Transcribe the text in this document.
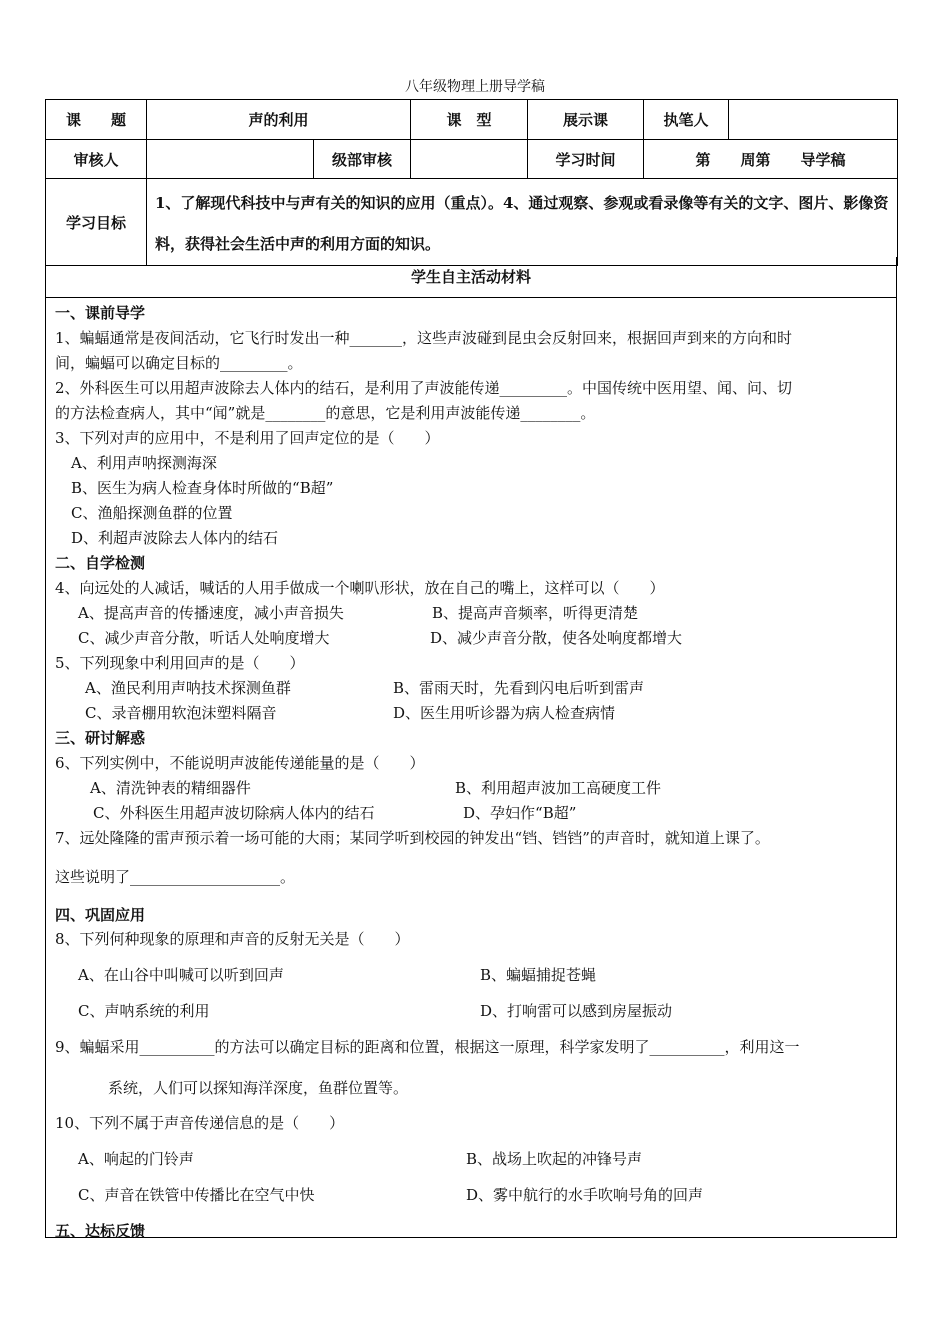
八年级物理上册导学稿
课　　题	声的利用		课　型	展示课	执笔人	
审核人		级部审核		学习时间	第　　周第　　导学稿	
学习目标	1、了解现代科技中与声有关的知识的应用（重点）。4、通过观察、参观或看录像等有关的文字、图片、影像资料，获得社会生活中声的利用方面的知识。					
学生自主活动材料
一、课前导学
1、蝙蝠通常是夜间活动，它飞行时发出一种_______，这些声波碰到昆虫会反射回来，根据回声到来的方向和时
间，蝙蝠可以确定目标的_________。
2、外科医生可以用超声波除去人体内的结石，是利用了声波能传递_________。中国传统中医用望、闻、问、切
的方法检查病人，其中“闻”就是________的意思，它是利用声波能传递________。
3、下列对声的应用中，不是利用了回声定位的是（　　）
A、利用声呐探测海深
B、医生为病人检查身体时所做的“B超”
C、渔船探测鱼群的位置
D、利超声波除去人体内的结石
二、自学检测
4、向远处的人减话，喊话的人用手做成一个喇叭形状，放在自己的嘴上，这样可以（　　）
A、提高声音的传播速度，减小声音损失	B、提高声音频率，听得更清楚
C、减少声音分散，听话人处响度增大	D、减少声音分散，使各处响度都增大
5、下列现象中利用回声的是（　　）
A、渔民利用声呐技术探测鱼群	B、雷雨天时，先看到闪电后听到雷声
C、录音棚用软泡沫塑料隔音	D、医生用听诊器为病人检查病情
三、研讨解惑
6、下列实例中，不能说明声波能传递能量的是（　　）
A、清洗钟表的精细器件	B、利用超声波加工高硬度工件
C、外科医生用超声波切除病人体内的结石	D、孕妇作“B超”
7、远处隆隆的雷声预示着一场可能的大雨；某同学听到校园的钟发出“铛、铛铛”的声音时，就知道上课了。
这些说明了____________________。
四、巩固应用
8、下列何种现象的原理和声音的反射无关是（　　）
A、在山谷中叫喊可以听到回声	B、蝙蝠捕捉苍蝇
C、声呐系统的利用	D、打响雷可以感到房屋振动
9、蝙蝠采用__________的方法可以确定目标的距离和位置，根据这一原理，科学家发明了__________，利用这一
系统，人们可以探知海洋深度，鱼群位置等。
10、下列不属于声音传递信息的是（　　）
A、响起的门铃声	B、战场上吹起的冲锋号声
C、声音在铁管中传播比在空气中快	D、雾中航行的水手吹响号角的回声
五、达标反馈
